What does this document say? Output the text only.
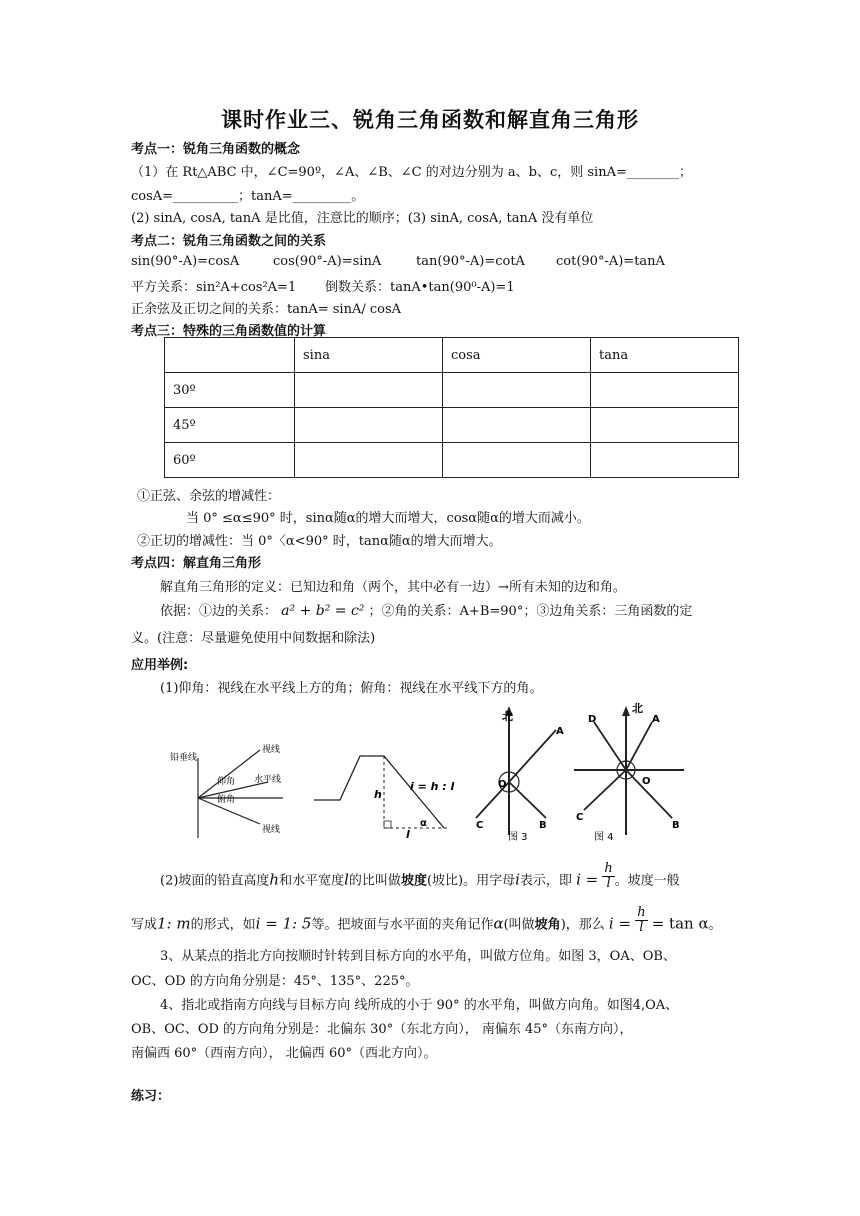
课时作业三、锐角三角函数和解直角三角形
考点一：锐角三角函数的概念
（1）在 Rt△ABC 中，∠C=90º，∠A、∠B、∠C 的对边分别为 a、b、c，则 sinA=________；
cosA=__________；tanA=_________。
(2) sinA, cosA, tanA 是比值，注意比的顺序；(3) sinA, cosA, tanA 没有单位
考点二：锐角三角函数之间的关系
sin(90°-A)=cosA	cos(90°-A)=sinA	tan(90°-A)=cotA cot(90°-A)=tanA
平方关系：sin²A+cos²A=1 倒数关系：tanA•tan(90⁰-A)=1
正余弦及正切之间的关系：tanA= sinA/ cosA
考点三：特殊的三角函数值的计算
	sina	cosa	tana
30º			
45º			
60º			
①正弦、余弦的增减性：
当 0° ≤α≤90° 时，sinα随α的增大而增大，cosα随α的增大而减小。
②正切的增减性：当 0°〈α<90° 时，tanα随α的增大而增大。
考点四：解直角三角形
解直角三角形的定义：已知边和角（两个，其中必有一边）→所有未知的边和角。
依据：①边的关系： a² + b² = c² ；②角的关系：A+B=90°；③边角关系：三角函数的定
义。(注意：尽量避免使用中间数据和除法)
应用举例:
(1)仰角：视线在水平线上方的角；俯角：视线在水平线下方的角。
铅垂线
视线
水平线
仰角
俯角
视线
h
l
α
i = h : l
北
O
A
B
C
图 3
北
O
A
B
C
D
图 4
(2)坡面的铅直高度h和水平宽度l的比叫做坡度(坡比)。用字母i表示，即 $i = \frac{h}{l}$ 。坡度一般
写成1: m的形式，如i = 1: 5等。把坡面与水平面的夹角记作α(叫做坡角)，那么 $i = \frac{h}{l} = \tan \alpha$。
3、从某点的指北方向按顺时针转到目标方向的水平角，叫做方位角。如图 3，OA、OB、
OC、OD 的方向角分别是：45°、135°、225°。
4、指北或指南方向线与目标方向 线所成的小于 90° 的水平角，叫做方向角。如图4,OA、
OB、OC、OD 的方向角分别是：北偏东 30°（东北方向）， 南偏东 45°（东南方向），
南偏西 60°（西南方向）， 北偏西 60°（西北方向）。
练习：
